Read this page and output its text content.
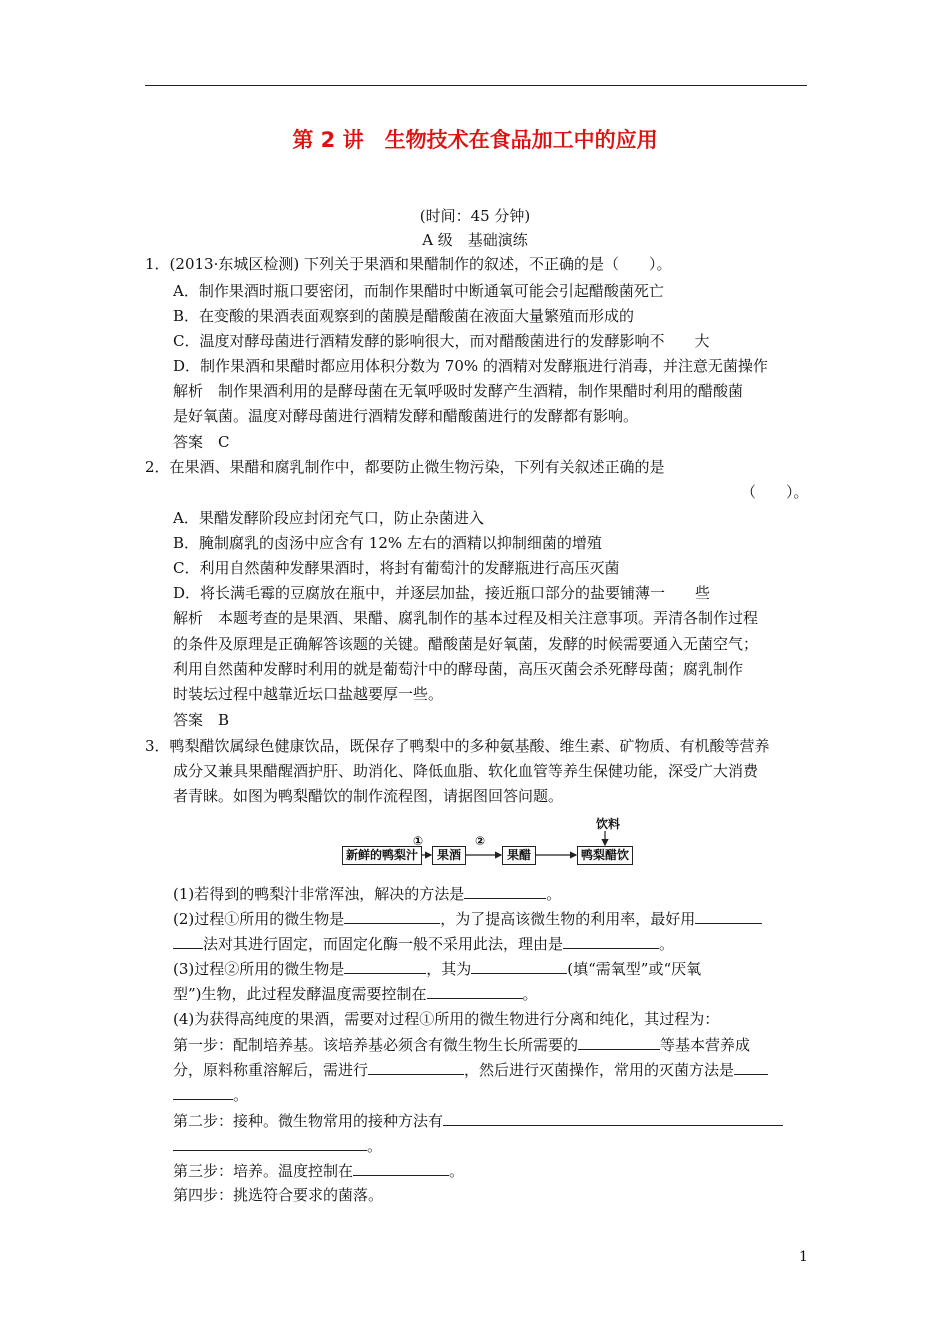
第 2 讲　生物技术在食品加工中的应用
(时间：45 分钟)
A 级　基础演练
1．(2013·东城区检测) 下列关于果酒和果醋制作的叙述，不正确的是（　　）。
A．制作果酒时瓶口要密闭，而制作果醋时中断通氧可能会引起醋酸菌死亡
B．在变酸的果酒表面观察到的菌膜是醋酸菌在液面大量繁殖而形成的
C．温度对酵母菌进行酒精发酵的影响很大，而对醋酸菌进行的发酵影响不　　大
D．制作果酒和果醋时都应用体积分数为 70% 的酒精对发酵瓶进行消毒，并注意无菌操作
解析　制作果酒利用的是酵母菌在无氧呼吸时发酵产生酒精，制作果醋时利用的醋酸菌
是好氧菌。温度对酵母菌进行酒精发酵和醋酸菌进行的发酵都有影响。
答案　C
2．在果酒、果醋和腐乳制作中，都要防止微生物污染，下列有关叙述正确的是
（　　）。
A．果醋发酵阶段应封闭充气口，防止杂菌进入
B．腌制腐乳的卤汤中应含有 12% 左右的酒精以抑制细菌的增殖
C．利用自然菌种发酵果酒时，将封有葡萄汁的发酵瓶进行高压灭菌
D．将长满毛霉的豆腐放在瓶中，并逐层加盐，接近瓶口部分的盐要铺薄一　　些
解析　本题考查的是果酒、果醋、腐乳制作的基本过程及相关注意事项。弄清各制作过程
的条件及原理是正确解答该题的关键。醋酸菌是好氧菌，发酵的时候需要通入无菌空气；
利用自然菌种发酵时利用的就是葡萄汁中的酵母菌，高压灭菌会杀死酵母菌；腐乳制作
时装坛过程中越靠近坛口盐越要厚一些。
答案　B
3．鸭梨醋饮属绿色健康饮品，既保存了鸭梨中的多种氨基酸、维生素、矿物质、有机酸等营养
成分又兼具果醋醒酒护肝、助消化、降低血脂、软化血管等养生保健功能，深受广大消费
者青睐。如图为鸭梨醋饮的制作流程图，请据图回答问题。
新鲜的鸭梨汁	果酒	果醋	鸭梨醋饮
①	②
饮料
(1)若得到的鸭梨汁非常浑浊，解决的方法是	。
(2)过程①所用的微生物是	，为了提高该微生物的利用率，最好用
法对其进行固定，而固定化酶一般不采用此法，理由是	。
(3)过程②所用的微生物是	，其为	(填“需氧型”或“厌氧
型”)生物，此过程发酵温度需要控制在	。
(4)为获得高纯度的果酒，需要对过程①所用的微生物进行分离和纯化，其过程为：
第一步：配制培养基。该培养基必须含有微生物生长所需要的	等基本营养成
分，原料称重溶解后，需进行	，然后进行灭菌操作，常用的灭菌方法是
。
第二步：接种。微生物常用的接种方法有
。
第三步：培养。温度控制在	。
第四步：挑选符合要求的菌落。
1
